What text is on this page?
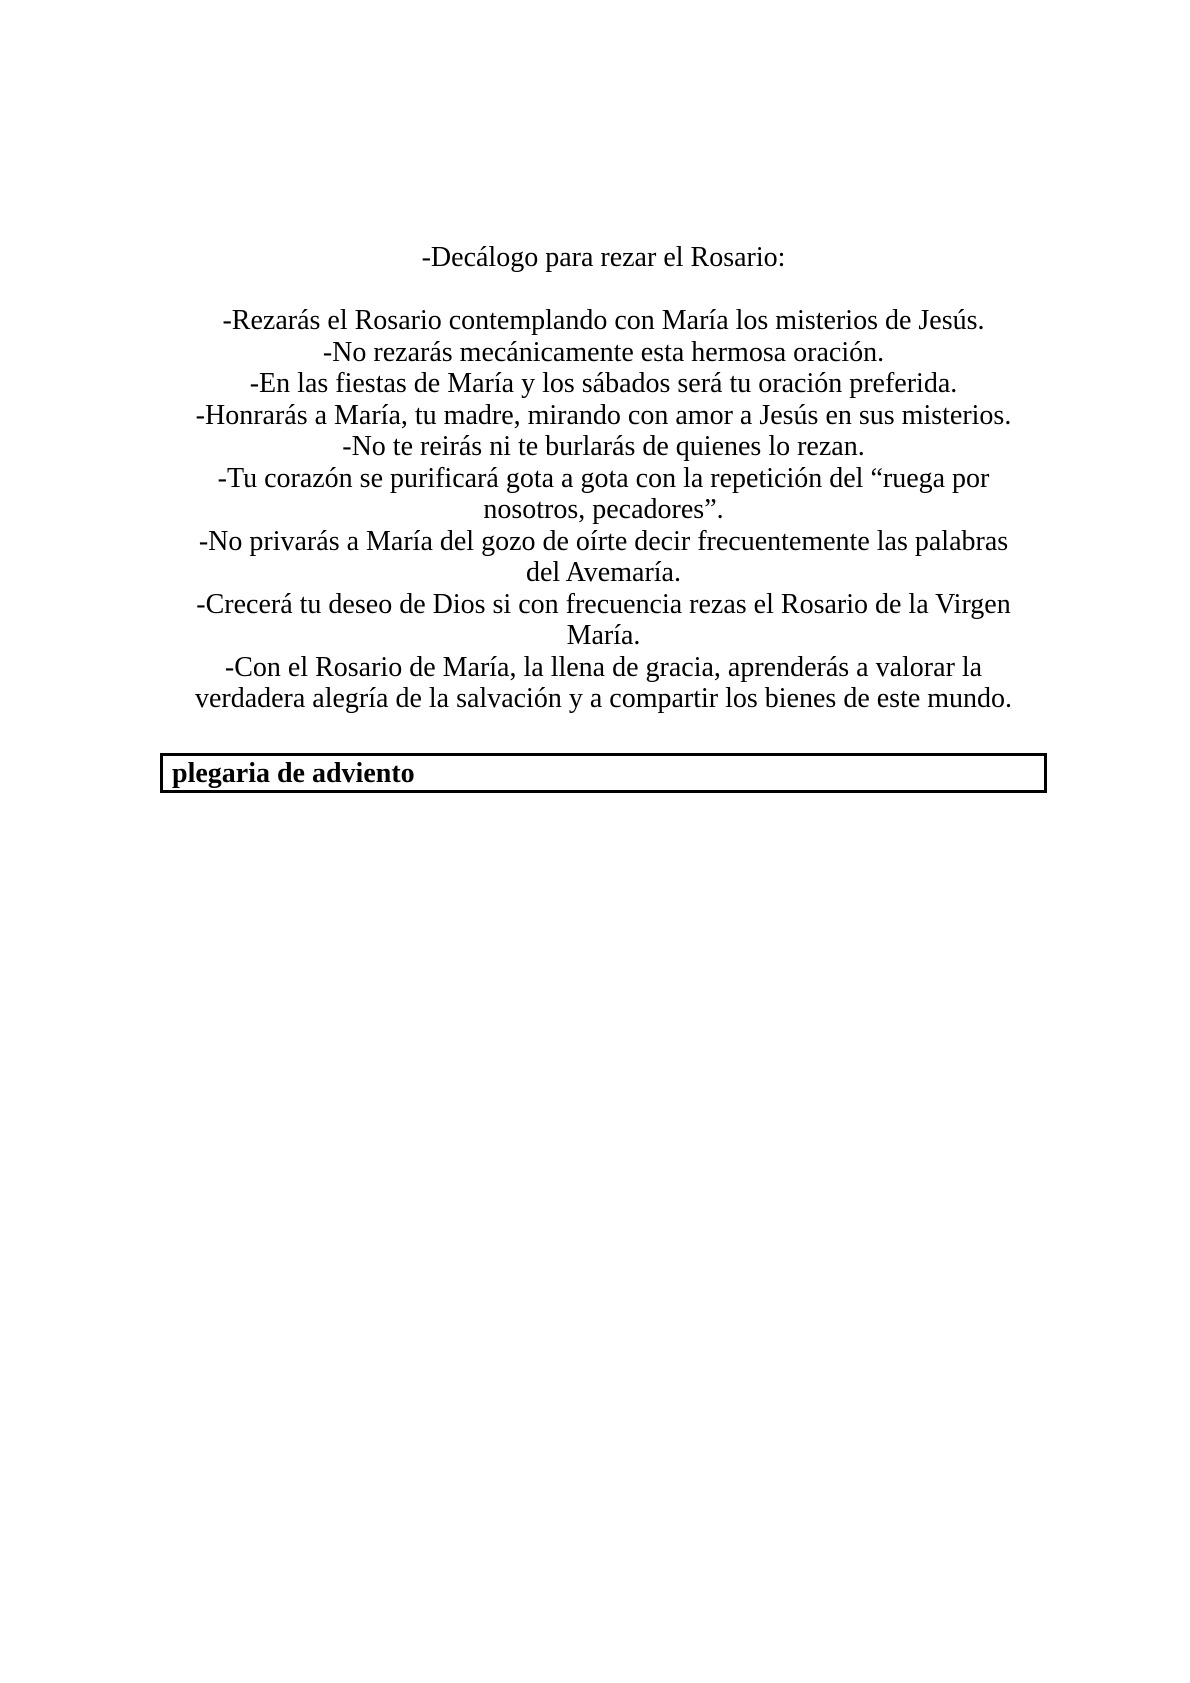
-Decálogo para rezar el Rosario:
-Rezarás el Rosario contemplando con María los misterios de Jesús.
-No rezarás mecánicamente esta hermosa oración.
-En las fiestas de María y los sábados será tu oración preferida.
-Honrarás a María, tu madre, mirando con amor a Jesús en sus misterios.
-No te reirás ni te burlarás de quienes lo rezan.
-Tu corazón se purificará gota a gota con la repetición del “ruega por
nosotros, pecadores”.
-No privarás a María del gozo de oírte decir frecuentemente las palabras
del Avemaría.
-Crecerá tu deseo de Dios si con frecuencia rezas el Rosario de la Virgen
María.
-Con el Rosario de María, la llena de gracia, aprenderás a valorar la
verdadera alegría de la salvación y a compartir los bienes de este mundo.
plegaria de adviento
